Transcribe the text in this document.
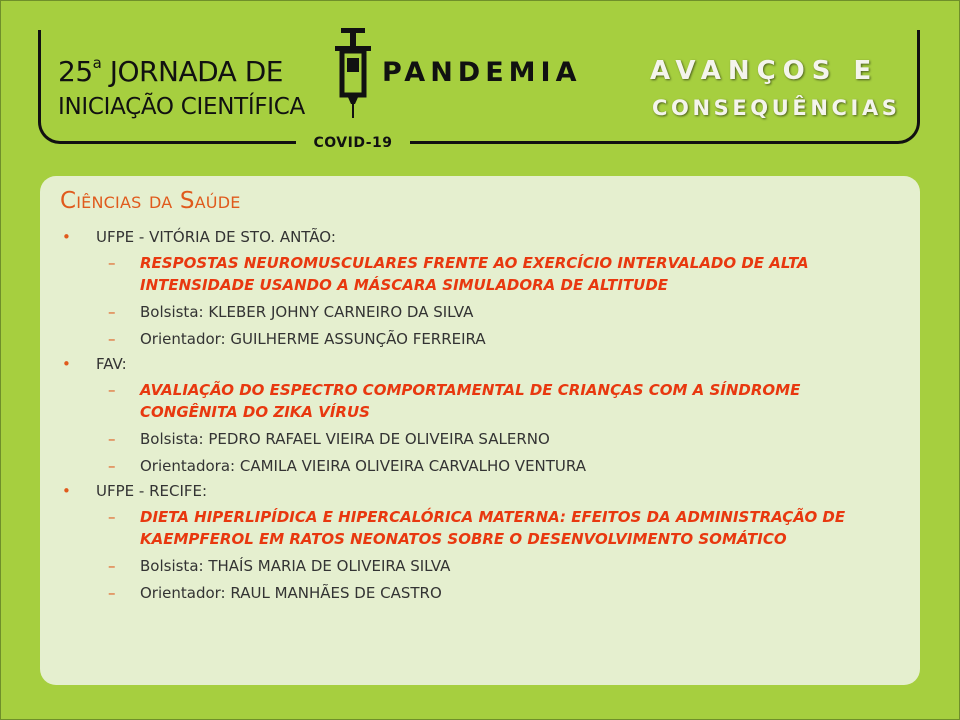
COVID-19
25$^a$ JORNADA DE
INICIAÇÃO CIENTÍFICA
PANDEMIA	AVANÇOS E
CONSEQUÊNCIAS
Ciências da Saúde
•	UFPE - VITÓRIA DE STO. ANTÃO:
–	RESPOSTAS NEUROMUSCULARES FRENTE AO EXERCÍCIO INTERVALADO DE ALTA INTENSIDADE USANDO A MÁSCARA SIMULADORA DE ALTITUDE
–	Bolsista: KLEBER JOHNY CARNEIRO DA SILVA
–	Orientador: GUILHERME ASSUNÇÃO FERREIRA
•	FAV:
–	AVALIAÇÃO DO ESPECTRO COMPORTAMENTAL DE CRIANÇAS COM A SÍNDROME CONGÊNITA DO ZIKA VÍRUS
–	Bolsista: PEDRO RAFAEL VIEIRA DE OLIVEIRA SALERNO
–	Orientadora: CAMILA VIEIRA OLIVEIRA CARVALHO VENTURA
•	UFPE - RECIFE:
–	DIETA HIPERLIPÍDICA E HIPERCALÓRICA MATERNA: EFEITOS DA ADMINISTRAÇÃO DE KAEMPFEROL EM RATOS NEONATOS SOBRE O DESENVOLVIMENTO SOMÁTICO
–	Bolsista: THAÍS MARIA DE OLIVEIRA SILVA
–	Orientador: RAUL MANHÃES DE CASTRO
